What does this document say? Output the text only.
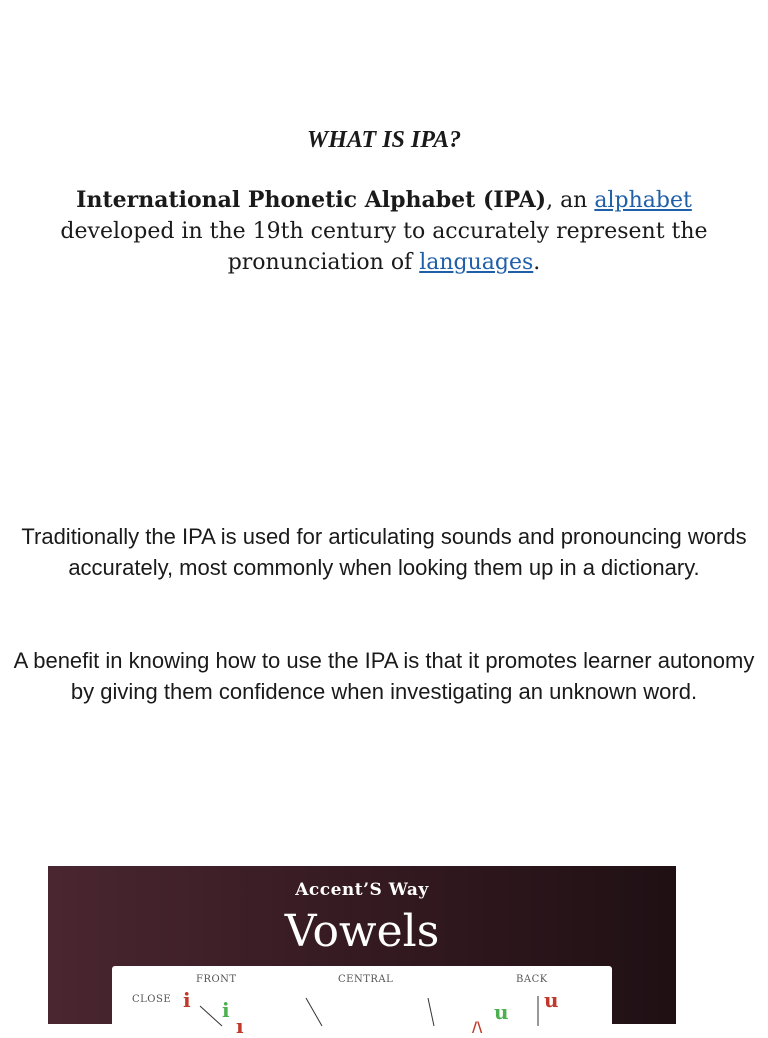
WHAT IS IPA?
International Phonetic Alphabet (IPA), an alphabet developed in the 19th century to accurately represent the pronunciation of languages.
Traditionally the IPA is used for articulating sounds and pronouncing words accurately, most commonly when looking them up in a dictionary.
A benefit in knowing how to use the IPA is that it promotes learner autonomy by giving them confidence when investigating an unknown word.
Accent’S Way
Vowels
FRONT	CENTRAL	BACK
CLOSE i i
ı
u u
/\
